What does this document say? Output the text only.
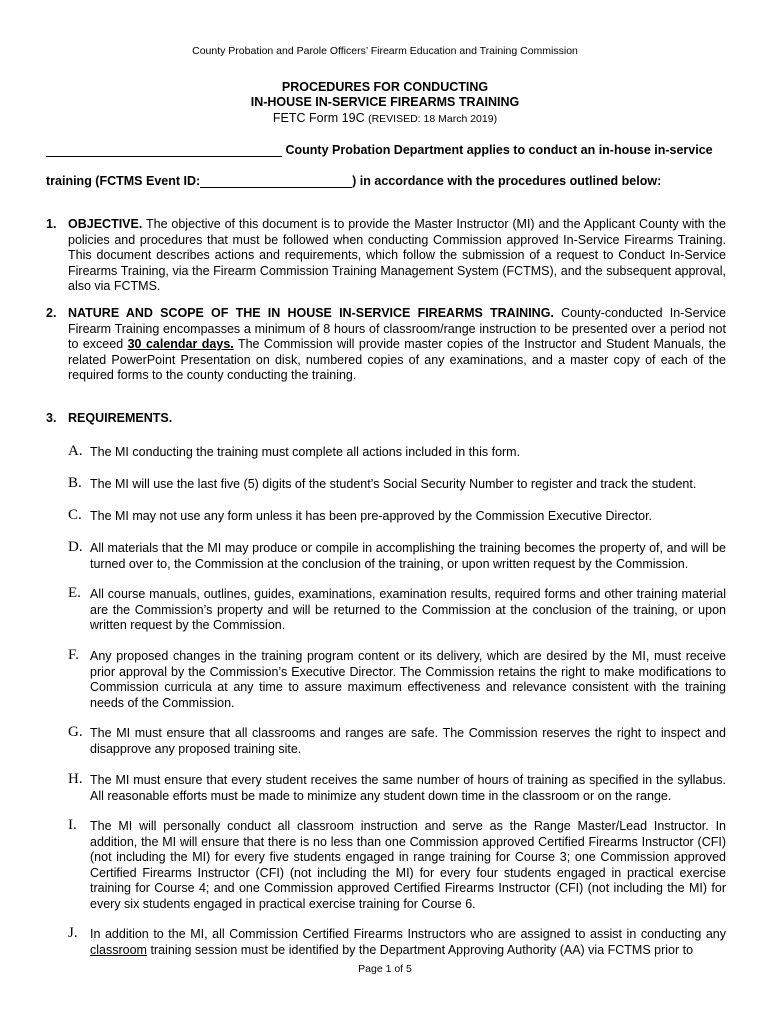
County Probation and Parole Officers’ Firearm Education and Training Commission
PROCEDURES FOR CONDUCTING
IN-HOUSE IN-SERVICE FIREARMS TRAINING
FETC Form 19C (REVISED: 18 March 2019)
County Probation Department applies to conduct an in-house in-service
training (FCTMS Event ID:	) in accordance with the procedures outlined below:
1. OBJECTIVE. The objective of this document is to provide the Master Instructor (MI) and the Applicant County with the policies and procedures that must be followed when conducting Commission approved In-Service Firearms Training. This document describes actions and requirements, which follow the submission of a request to Conduct In-Service Firearms Training, via the Firearm Commission Training Management System (FCTMS), and the subsequent approval, also via FCTMS.
2. NATURE AND SCOPE OF THE IN HOUSE IN-SERVICE FIREARMS TRAINING. County-conducted In-Service Firearm Training encompasses a minimum of 8 hours of classroom/range instruction to be presented over a period not to exceed 30 calendar days. The Commission will provide master copies of the Instructor and Student Manuals, the related PowerPoint Presentation on disk, numbered copies of any examinations, and a master copy of each of the required forms to the county conducting the training.
3. REQUIREMENTS.
A. The MI conducting the training must complete all actions included in this form.
B. The MI will use the last five (5) digits of the student’s Social Security Number to register and track the student.
C. The MI may not use any form unless it has been pre-approved by the Commission Executive Director.
D. All materials that the MI may produce or compile in accomplishing the training becomes the property of, and will be turned over to, the Commission at the conclusion of the training, or upon written request by the Commission.
E. All course manuals, outlines, guides, examinations, examination results, required forms and other training material are the Commission’s property and will be returned to the Commission at the conclusion of the training, or upon written request by the Commission.
F. Any proposed changes in the training program content or its delivery, which are desired by the MI, must receive prior approval by the Commission’s Executive Director. The Commission retains the right to make modifications to Commission curricula at any time to assure maximum effectiveness and relevance consistent with the training needs of the Commission.
G. The MI must ensure that all classrooms and ranges are safe. The Commission reserves the right to inspect and disapprove any proposed training site.
H. The MI must ensure that every student receives the same number of hours of training as specified in the syllabus. All reasonable efforts must be made to minimize any student down time in the classroom or on the range.
I. The MI will personally conduct all classroom instruction and serve as the Range Master/Lead Instructor. In addition, the MI will ensure that there is no less than one Commission approved Certified Firearms Instructor (CFI) (not including the MI) for every five students engaged in range training for Course 3; one Commission approved Certified Firearms Instructor (CFI) (not including the MI) for every four students engaged in practical exercise training for Course 4; and one Commission approved Certified Firearms Instructor (CFI) (not including the MI) for every six students engaged in practical exercise training for Course 6.
J. In addition to the MI, all Commission Certified Firearms Instructors who are assigned to assist in conducting any classroom training session must be identified by the Department Approving Authority (AA) via FCTMS prior to
Page 1 of 5
